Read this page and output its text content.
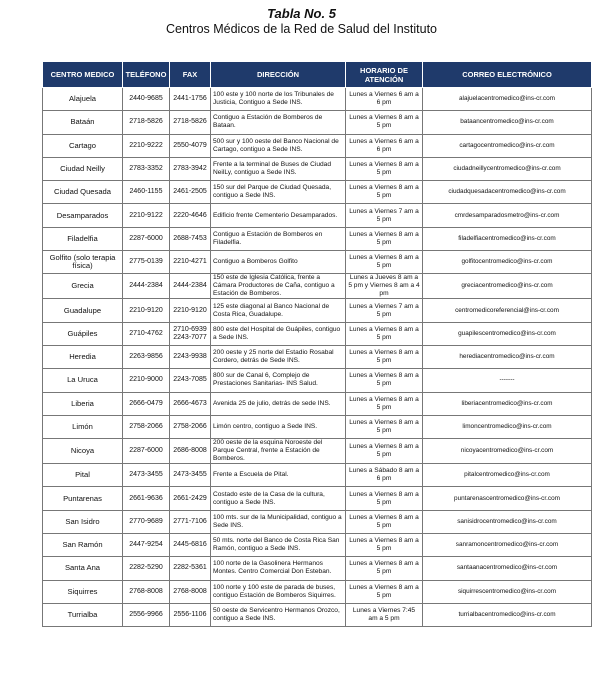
Tabla No. 5
Centros Médicos de la Red de Salud del Instituto
CENTRO MEDICO	TELÉFONO	FAX	DIRECCIÓN	HORARIO DE ATENCIÓN	CORREO ELECTRÓNICO
Alajuela	2440-9685	2441-1756	100 este y 100 norte de los Tribunales de Justicia, Contiguo a Sede INS.	Lunes a Viernes 6 am a 6 pm	alajuelacentromedico@ins-cr.com
Bataán	2718-5826	2718-5826	Contiguo a Estación de Bomberos de Bataan.	Lunes a Viernes 8 am a 5 pm	bataancentromedico@ins-cr.com
Cartago	2210-9222	2550-4079	500 sur y 100 oeste del Banco Nacional de Cartago, contiguo a Sede INS.	Lunes a Viernes 6 am a 6 pm	cartagocentromedico@ins-cr.com
Ciudad Neilly	2783-3352	2783-3942	Frente a la terminal de Buses de Ciudad NeilLy, contiguo a Sede INS.	Lunes a Viernes 8 am a 5 pm	ciudadneillycentromedico@ins-cr.com
Ciudad Quesada	2460-1155	2461-2505	150 sur del Parque de Ciudad Quesada, contiguo a Sede INS.	Lunes a Viernes 8 am a 5 pm	ciudadquesadacentromedico@ins-cr.com
Desamparados	2210-9122	2220-4646	Edificio frente Cementerio Desamparados.	Lunes a Viernes 7 am a 5 pm	cmrdesamparadosmetro@ins-cr.com
Filadelfia	2287-6000	2688-7453	Contiguo a Estación de Bomberos en Filadelfia.	Lunes a Viernes 8 am a 5 pm	filadelfiacentromedico@ins-cr.com
Golfito (solo terapia física)	2775-0139	2210-4271	Contiguo a Bomberos Golfito	Lunes a Viernes 8 am a 5 pm	golfitocentromedico@ins-cr.com
Grecia	2444-2384	2444-2384	150 este de Iglesia Católica, frente a Cámara Productores de Caña, contiguo a Estación de Bomberos.	Lunes a Jueves 8 am a 5 pm y Viernes 8 am a 4 pm	greciacentromedico@ins-cr.com
Guadalupe	2210-9120	2210-9120	125 este diagonal al Banco Nacional de Costa Rica, Guadalupe.	Lunes a Viernes 7 am a 5 pm	centromedicoreferencial@ins-cr.com
Guápiles	2710-4762	2710-6939 2243-7077	800 este del Hospital de Guápiles, contiguo a Sede INS.	Lunes a Viernes 8 am a 5 pm	guapilescentromedico@ins-cr.com
Heredia	2263-9856	2243-9938	200 oeste y 25 norte del Estadio Rosabal Cordero, detrás de Sede INS.	Lunes a Viernes 8 am a 5 pm	herediacentromedico@ins-cr.com
La Uruca	2210-9000	2243-7085	800 sur de Canal 6, Complejo de Prestaciones Sanitarias- INS Salud.	Lunes a Viernes 8 am a 5 pm	-------
Liberia	2666-0479	2666-4673	Avenida 25 de julio, detrás de sede INS.	Lunes a Viernes 8 am a 5 pm	liberiacentromedico@ins-cr.com
Limón	2758-2066	2758-2066	Limón centro, contiguo a Sede INS.	Lunes a Viernes 8 am a 5 pm	limoncentromedico@ins-cr.com
Nicoya	2287-6000	2686-8008	200 oeste de la esquina Noroeste del Parque Central, frente a Estación de Bomberos.	Lunes a Viernes 8 am a 5 pm	nicoyacentromedico@ins-cr.com
Pital	2473-3455	2473-3455	Frente a Escuela de Pital.	Lunes a Sábado 8 am a 6 pm	pitalcentromedico@ins-cr.com
Puntarenas	2661-9636	2661-2429	Costado este de la Casa de la cultura, contiguo a Sede INS.	Lunes a Viernes 8 am a 5 pm	puntarenascentromedico@ins-cr.com
San Isidro	2770-9689	2771-7106	100 mts. sur de la Municipalidad, contiguo a Sede INS.	Lunes a Viernes 8 am a 5 pm	sanisidrocentromedico@ins-cr.com
San Ramón	2447-9254	2445-6816	50 mts. norte del Banco de Costa Rica San Ramón, contiguo a Sede INS.	Lunes a Viernes 8 am a 5 pm	sanramoncentromedico@ins-cr.com
Santa Ana	2282-5290	2282-5361	100 norte de la Gasolinera Hermanos Montes. Centro Comercial Don Esteban.	Lunes a Viernes 8 am a 5 pm	santaanacentromedico@ins-cr.com
Siquirres	2768-8008	2768-8008	100 norte y 100 este de parada de buses, contiguo Estación de Bomberos Siquirres.	Lunes a Viernes 8 am a 5 pm	siquirrescentromedico@ins-cr.com
Turrialba	2556-9966	2556-1106	50 oeste de Servicentro Hermanos Orozco, contiguo a Sede INS.	Lunes a Viernes 7:45 am a 5 pm	turrialbacentromedico@ins-cr.com
